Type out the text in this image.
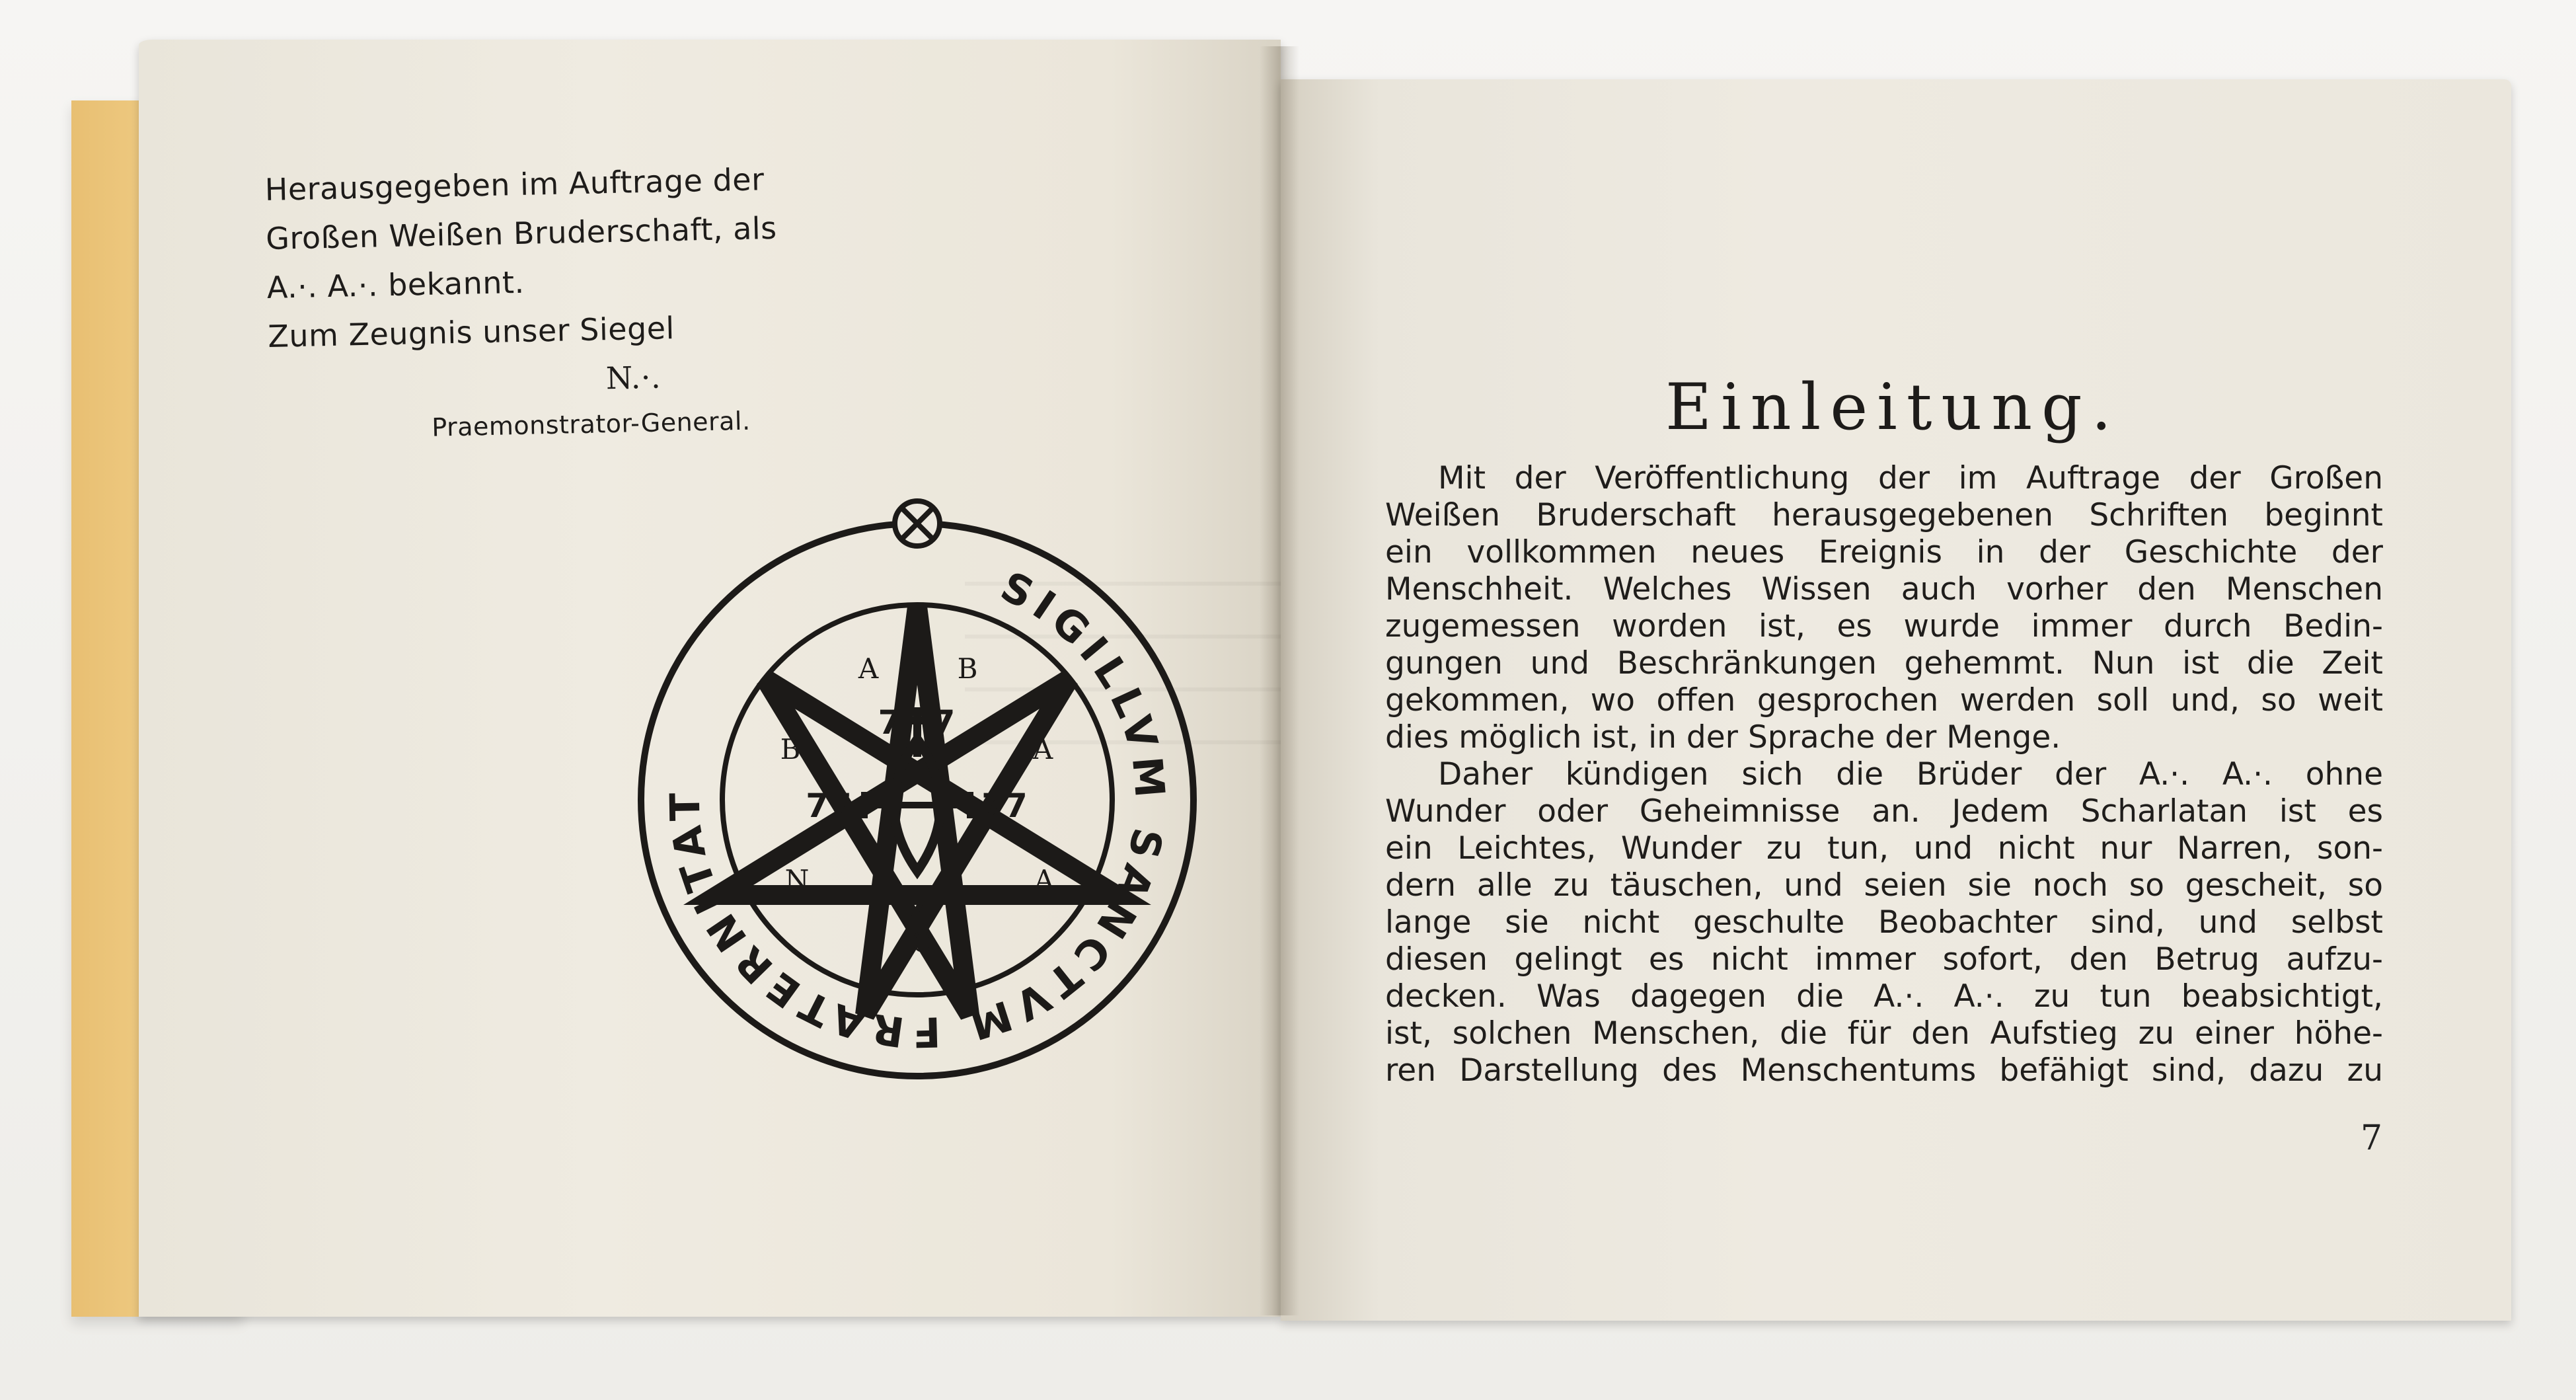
Herausgegeben im Auftrage der
Großen Weißen Bruderschaft, als
A.·. A.·. bekannt.
Zum Zeugnis unser Siegel
N.·.
Praemonstrator-General.
SIGILLVM SANCTVM FRATERNITAT
A	B
A
B
A
O
N
7 7
77	77
7
Einleitung.
Mit der Veröffentlichung der im Auftrage der Großen
Weißen Bruderschaft herausgegebenen Schriften beginnt
ein vollkommen neues Ereignis in der Geschichte der
Menschheit. Welches Wissen auch vorher den Menschen
zugemessen worden ist, es wurde immer durch Bedin-
gungen und Beschränkungen gehemmt. Nun ist die Zeit
gekommen, wo offen gesprochen werden soll und, so weit
dies möglich ist, in der Sprache der Menge.
Daher kündigen sich die Brüder der A.·. A.·. ohne
Wunder oder Geheimnisse an. Jedem Scharlatan ist es
ein Leichtes, Wunder zu tun, und nicht nur Narren, son-
dern alle zu täuschen, und seien sie noch so gescheit, so
lange sie nicht geschulte Beobachter sind, und selbst
diesen gelingt es nicht immer sofort, den Betrug aufzu-
decken. Was dagegen die A.·. A.·. zu tun beabsichtigt,
ist, solchen Menschen, die für den Aufstieg zu einer höhe-
ren Darstellung des Menschentums befähigt sind, dazu zu
7
